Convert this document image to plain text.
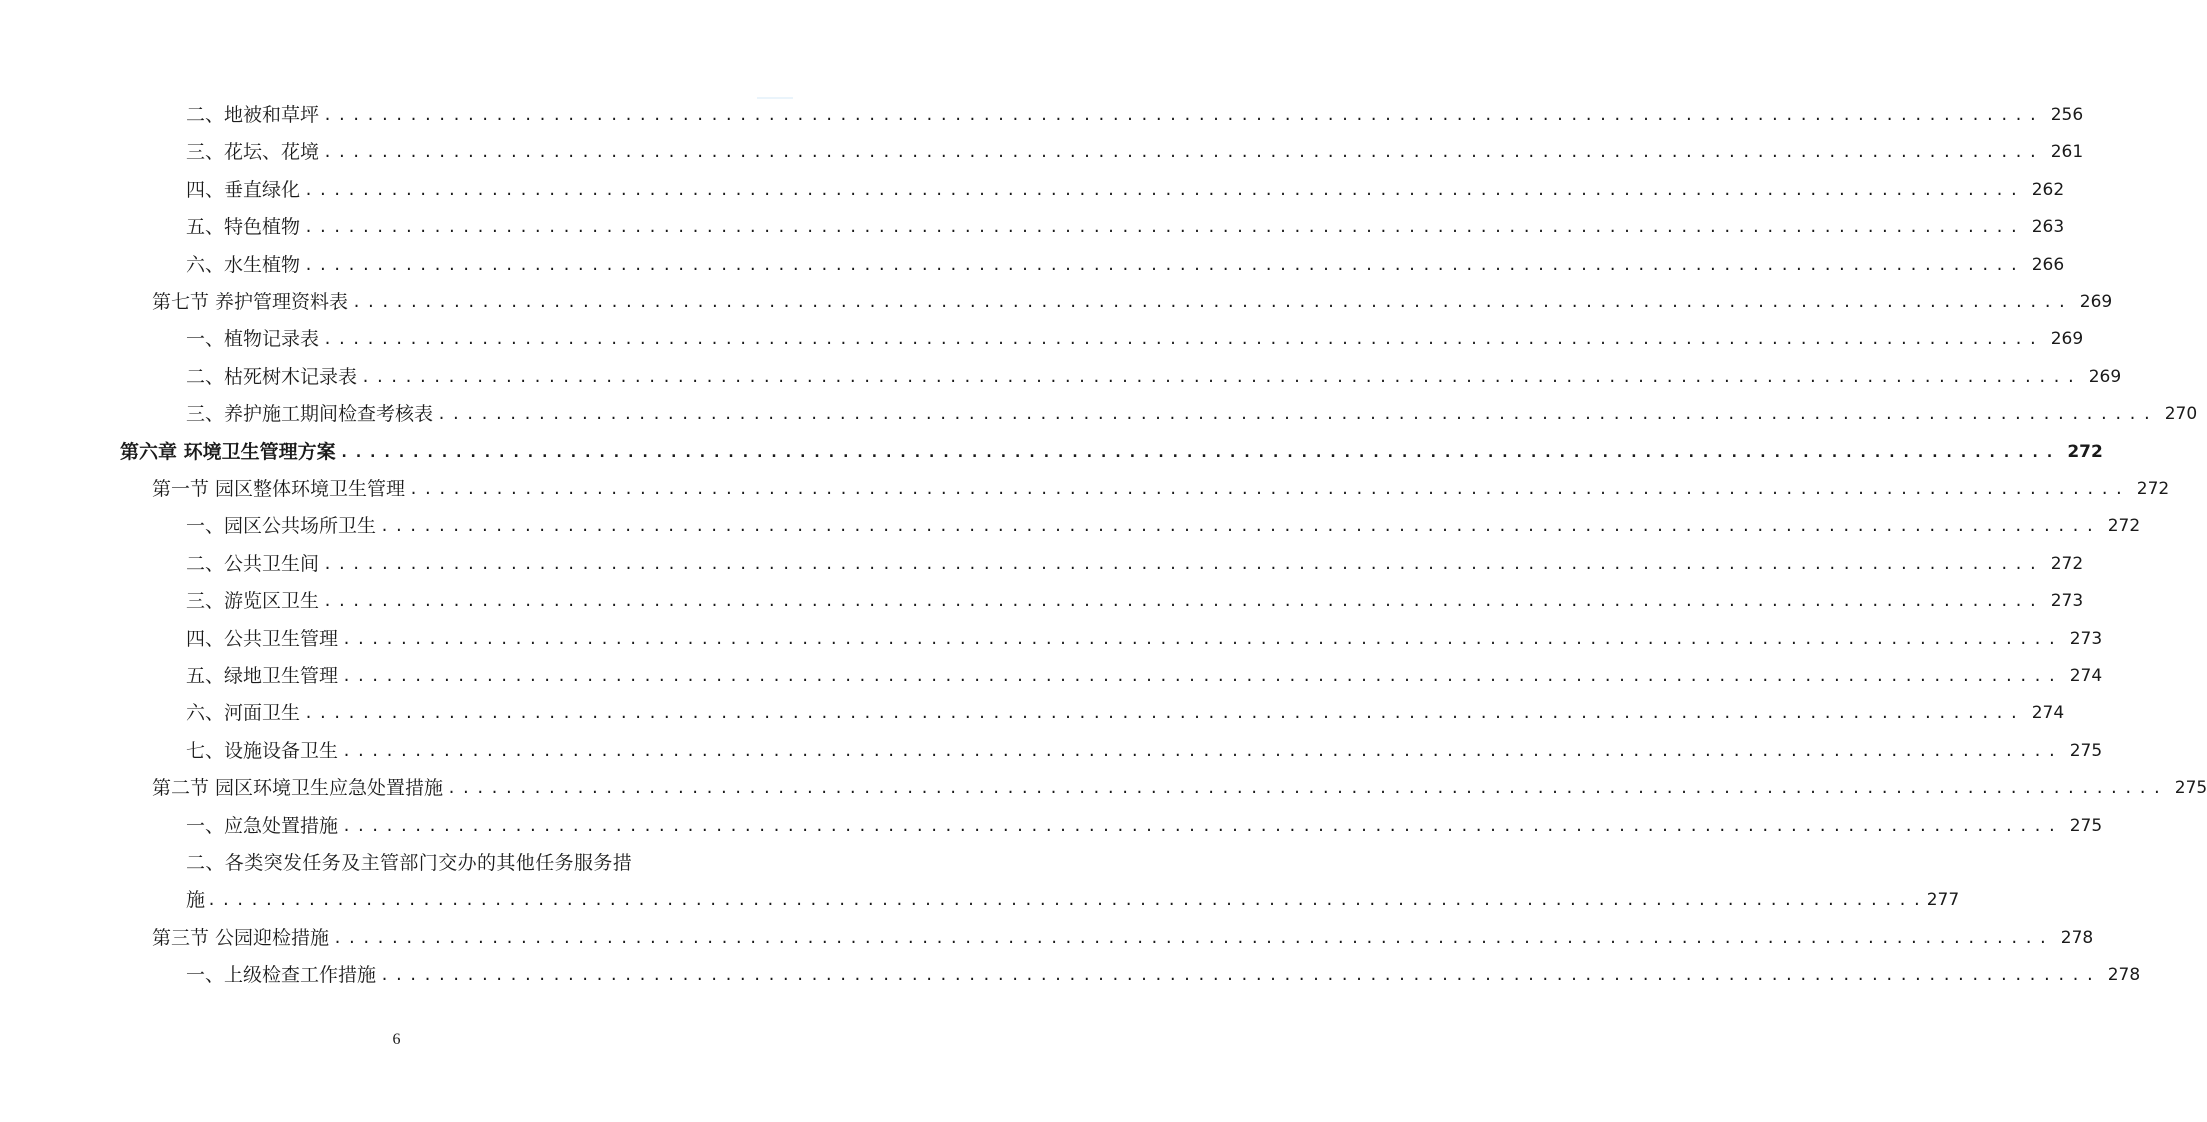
二、地被和草坪 ........................................................................................................................ 256
三、花坛、花境 ........................................................................................................................ 261
四、垂直绿化 ........................................................................................................................ 262
五、特色植物 ........................................................................................................................ 263
六、水生植物 ........................................................................................................................ 266
第七节 养护管理资料表 ........................................................................................................................ 269
一、植物记录表 ........................................................................................................................ 269
二、枯死树木记录表 ........................................................................................................................ 269
三、养护施工期间检查考核表 ........................................................................................................................ 270
第六章 环境卫生管理方案 ........................................................................................................................ 272
第一节 园区整体环境卫生管理 ........................................................................................................................ 272
一、园区公共场所卫生 ........................................................................................................................ 272
二、公共卫生间 ........................................................................................................................ 272
三、游览区卫生 ........................................................................................................................ 273
四、公共卫生管理 ........................................................................................................................ 273
五、绿地卫生管理 ........................................................................................................................ 274
六、河面卫生 ........................................................................................................................ 274
七、设施设备卫生 ........................................................................................................................ 275
第二节 园区环境卫生应急处置措施 ........................................................................................................................ 275
一、应急处置措施 ........................................................................................................................ 275
二、各类突发任务及主管部门交办的其他任务服务措
施 ........................................................................................................................ 277
第三节 公园迎检措施 ........................................................................................................................ 278
一、上级检查工作措施 ........................................................................................................................ 278
6
